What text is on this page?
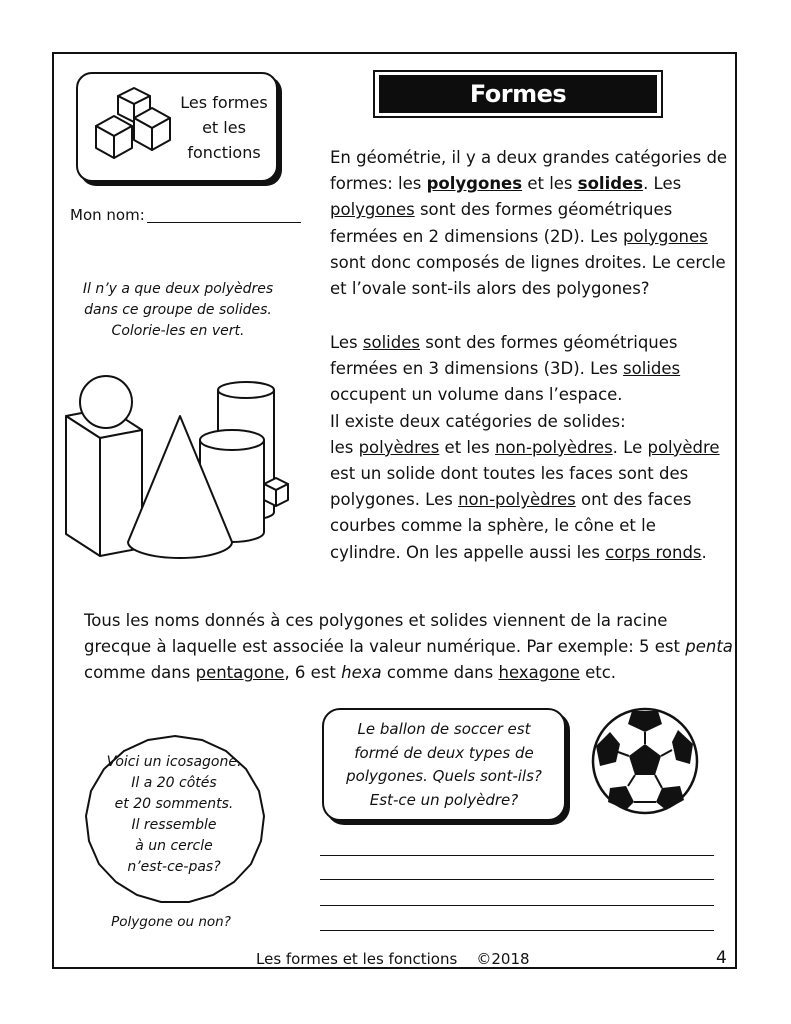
Les formes
et les
fonctions
Formes géométriques
Mon nom:
Il n’y a que deux polyèdres
dans ce groupe de solides.
Colorie-les en vert.
En géométrie, il y a deux grandes catégories de formes: les polygones et les solides. Les polygones sont des formes géométriques fermées en 2 dimensions (2D). Les polygones sont donc composés de lignes droites. Le cercle et l’ovale sont-ils alors des polygones?
Les solides sont des formes géométriques fermées en 3 dimensions (3D). Les solides occupent un volume dans l’espace.
Il existe deux catégories de solides:
les polyèdres et les non-polyèdres. Le polyèdre est un solide dont toutes les faces sont des polygones. Les non-polyèdres ont des faces courbes comme la sphère, le cône et le cylindre. On les appelle aussi les corps ronds.
Tous les noms donnés à ces polygones et solides viennent de la racine grecque à laquelle est associée la valeur numérique. Par exemple: 5 est penta comme dans pentagone, 6 est hexa comme dans hexagone etc.
Voici un icosagone.
Il a 20 côtés
et 20 somments.
Il ressemble
à un cercle
n’est-ce-pas?
Polygone ou non?
Le ballon de soccer est
formé de deux types de
polygones. Quels sont-ils?
Est-ce un polyèdre?
Les formes et les fonctions    ©2018	4
